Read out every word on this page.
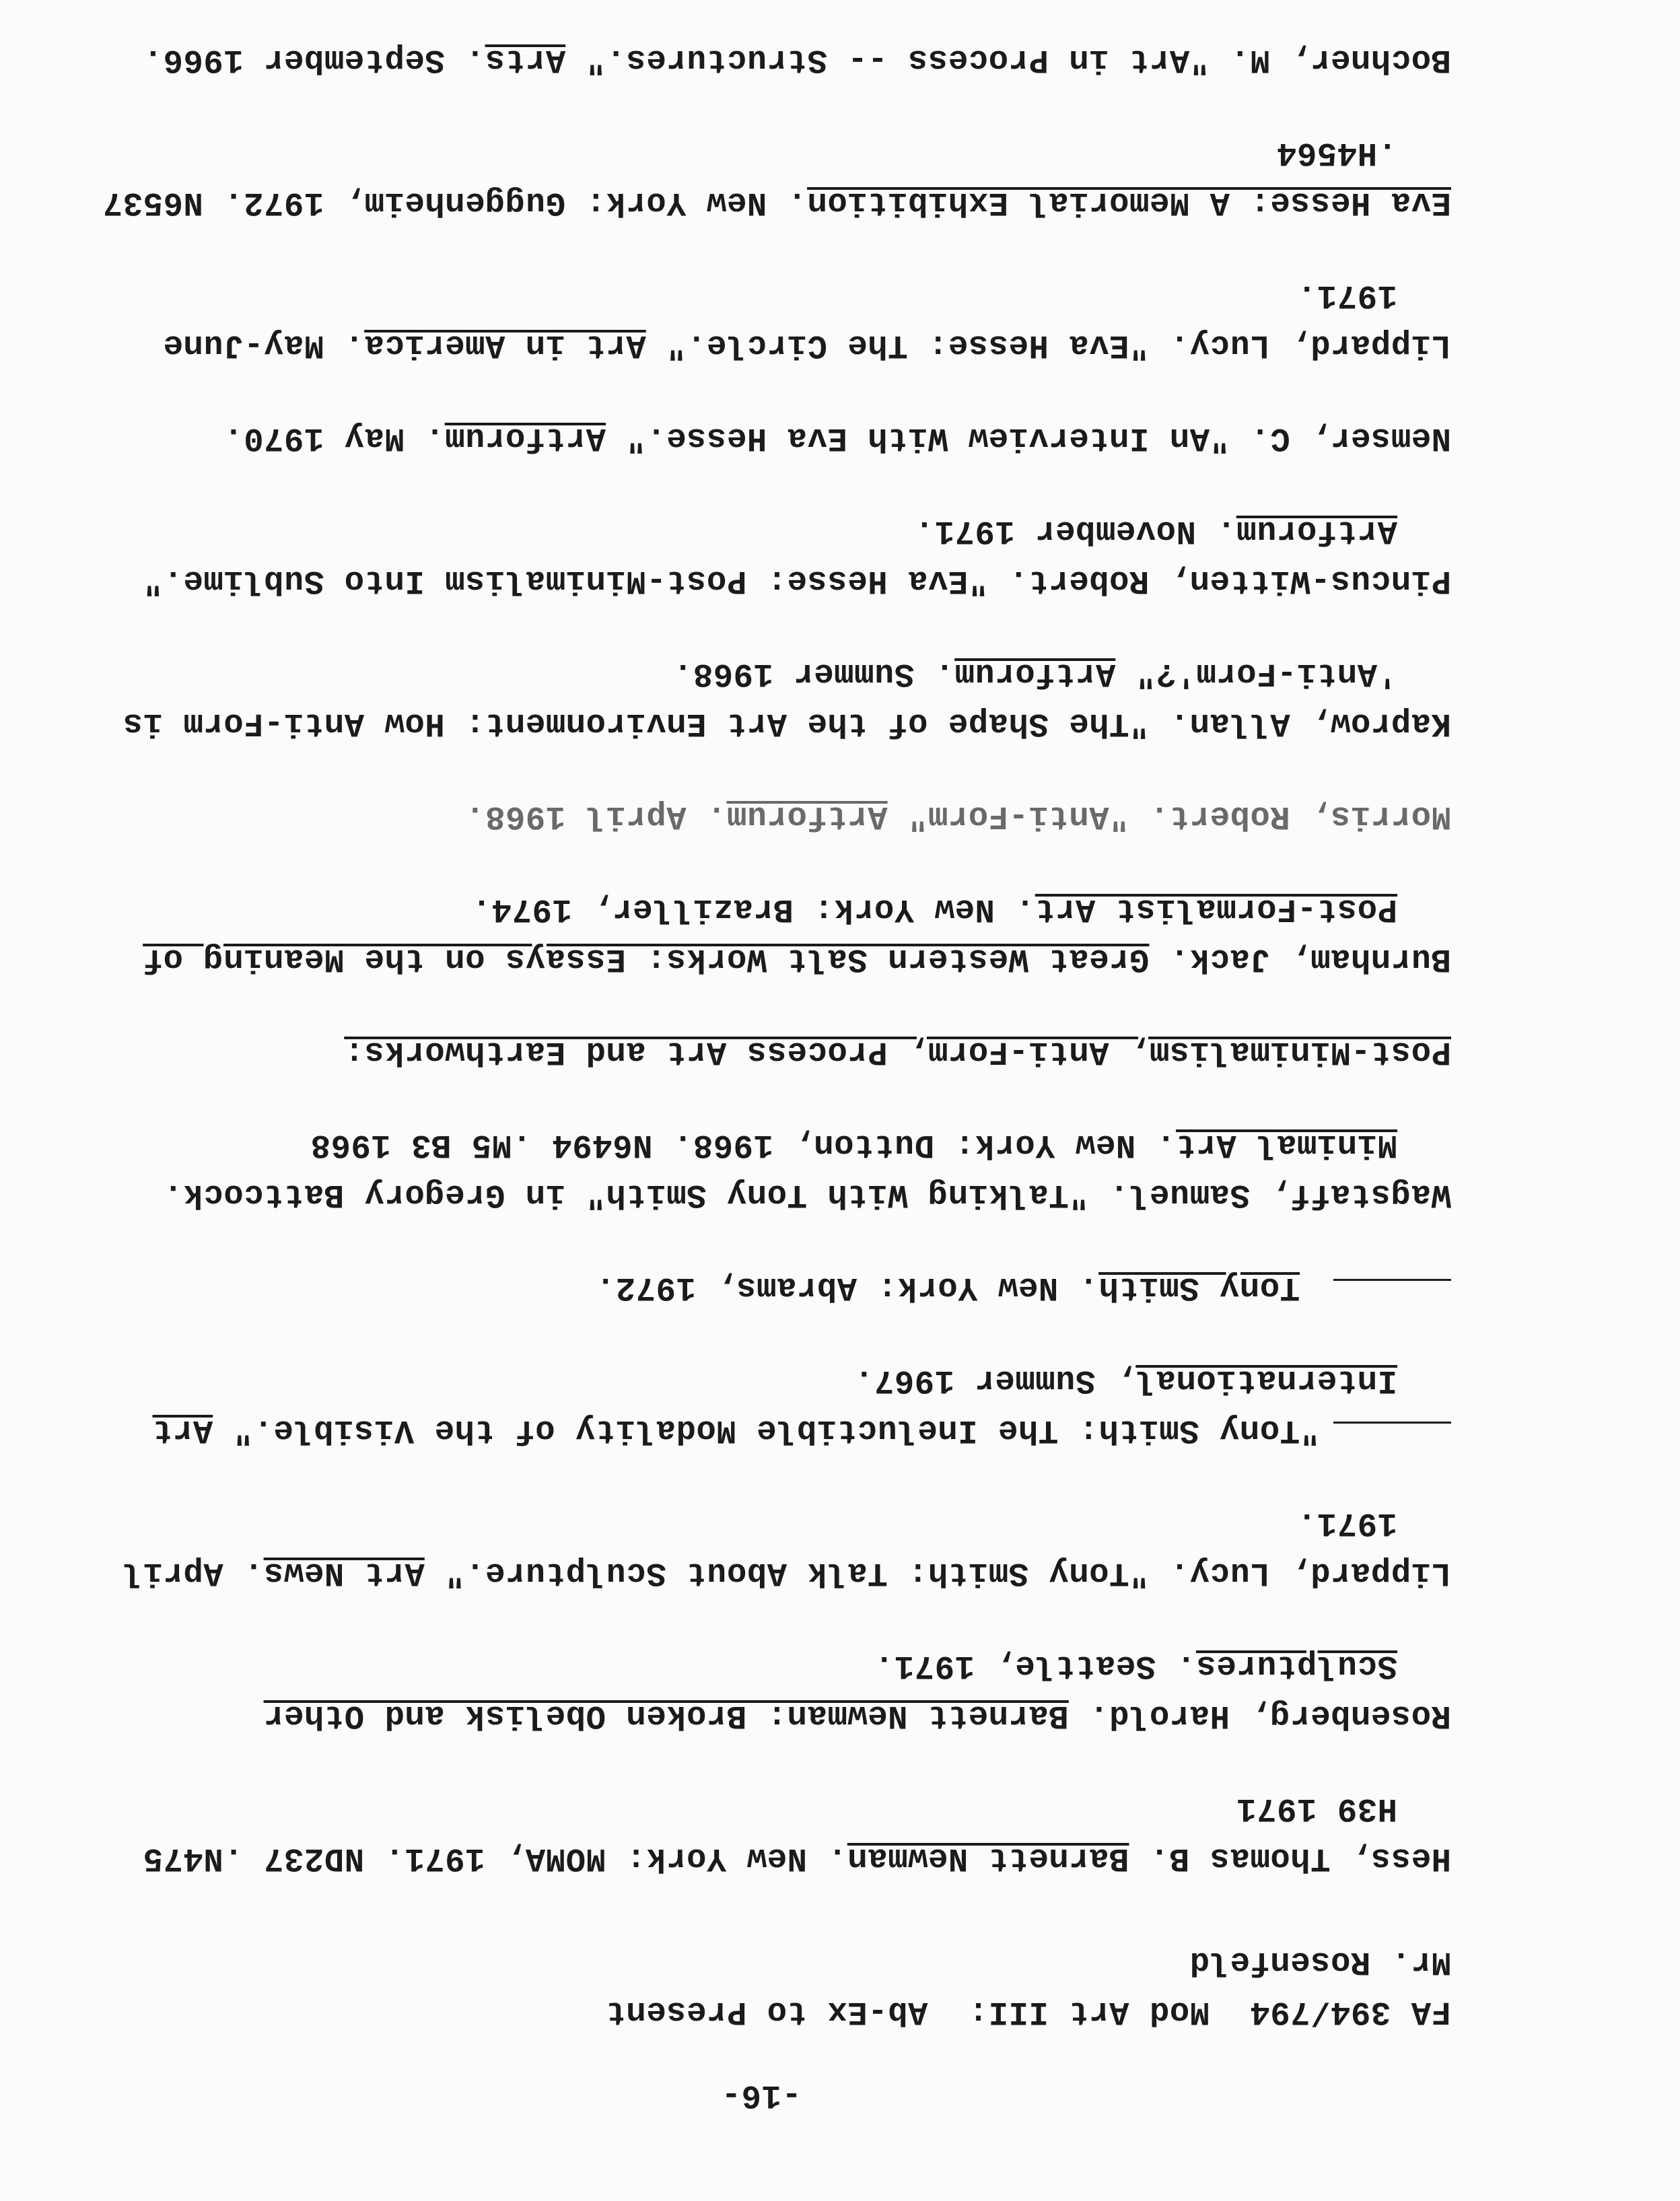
-16-
FA 394/794  Mod Art III:  Ab-Ex to Present
Mr. Rosenfeld
Hess, Thomas B. Barnett Newman. New York: MOMA, 1971. ND237 .N475 H39 1971
Rosenberg, Harold. Barnett Newman: Broken Obelisk and Other Sculptures. Seattle, 1971.
Lippard, Lucy. "Tony Smith: Talk About Sculpture." Art News. April 1971.
"Tony Smith: The Ineluctible Modality of the Visible." Art International, Summer 1967.
Tony Smith. New York: Abrams, 1972.
Wagstaff, Samuel. "Talking With Tony Smith" in Gregory Battcock. Minimal Art. New York: Dutton, 1968. N6494 .M5 B3 1968
Post-Minimalism, Anti-Form, Process Art and Earthworks:
Burnham, Jack. Great Western Salt Works: Essays on the Meaning of Post-Formalist Art. New York: Braziller, 1974.
Morris, Robert. "Anti-Form" Artforum. April 1968.
Kaprow, Allan. "The Shape of the Art Environment: How Anti-Form is 'Anti-Form'?" Artforum. Summer 1968.
Pincus-Witten, Robert. "Eva Hesse: Post-Minimalism Into Sublime." Artforum. November 1971.
Nemser, C. "An Interview With Eva Hesse." Artforum. May 1970.
Lippard, Lucy. "Eva Hesse: The Circle." Art in America. May-June 1971.
Eva Hesse: A Memorial Exhibition. New York: Guggenheim, 1972. N6537 .H4564
Bochner, M. "Art in Process -- Structures." Arts. September 1966.
